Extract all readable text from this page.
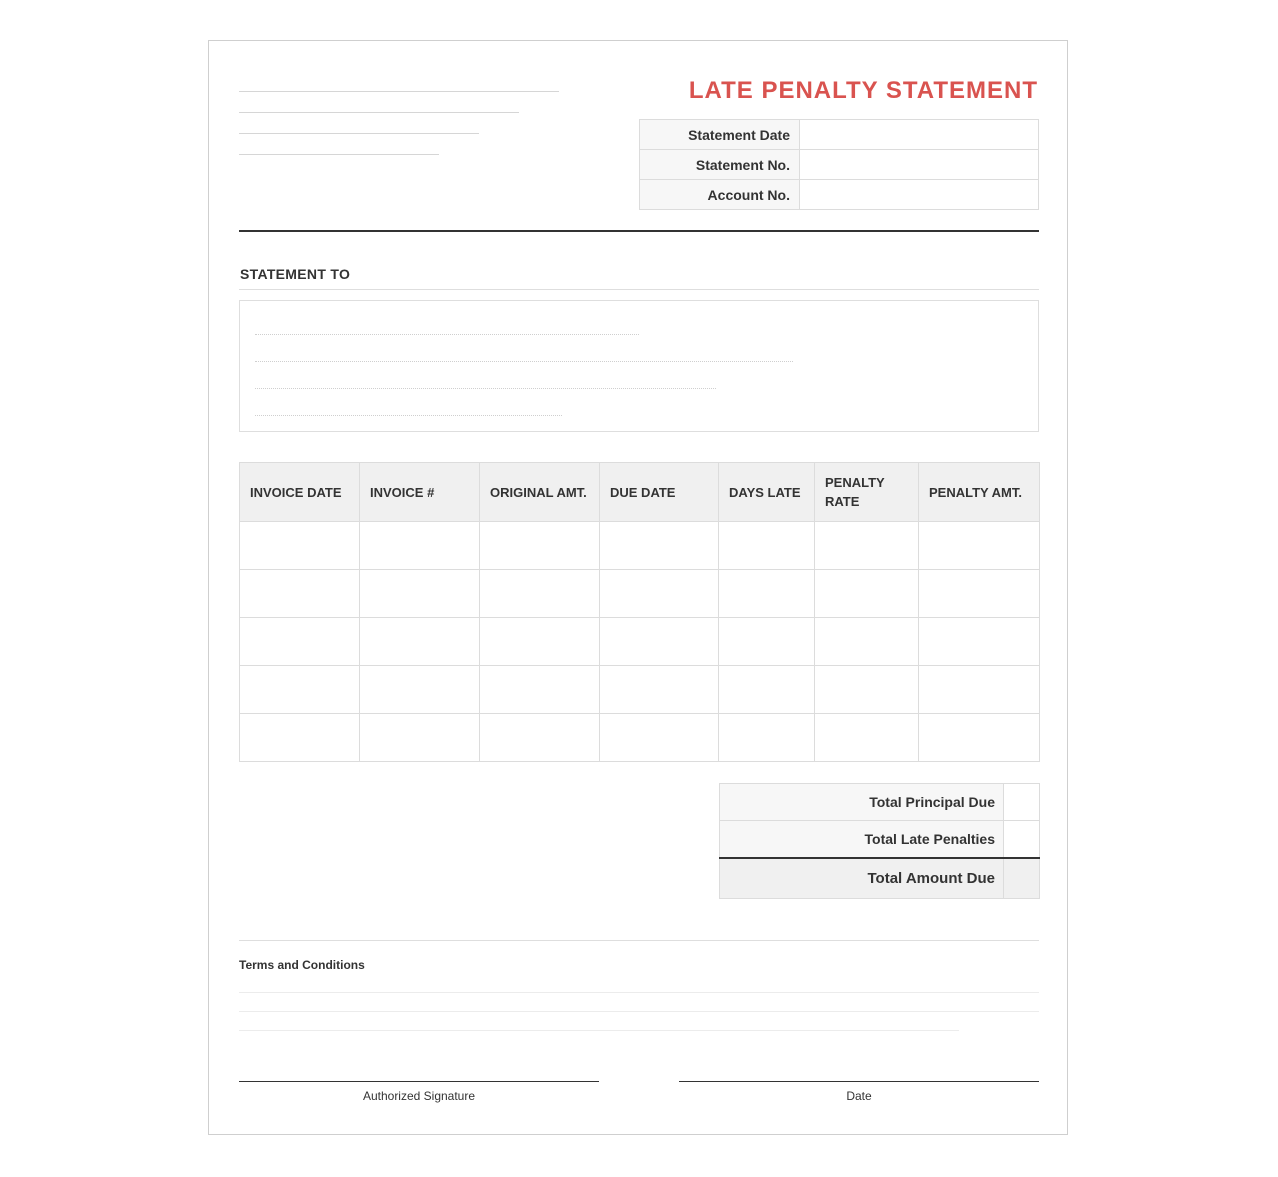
LATE PENALTY STATEMENT
Statement Date	
Statement No.	
Account No.	
STATEMENT TO
INVOICE DATE	INVOICE #	ORIGINAL AMT.	DUE DATE	DAYS LATE	PENALTY RATE	PENALTY AMT.

Total Principal Due	
Total Late Penalties	
Total Amount Due	
Terms and Conditions
Authorized Signature	Date
